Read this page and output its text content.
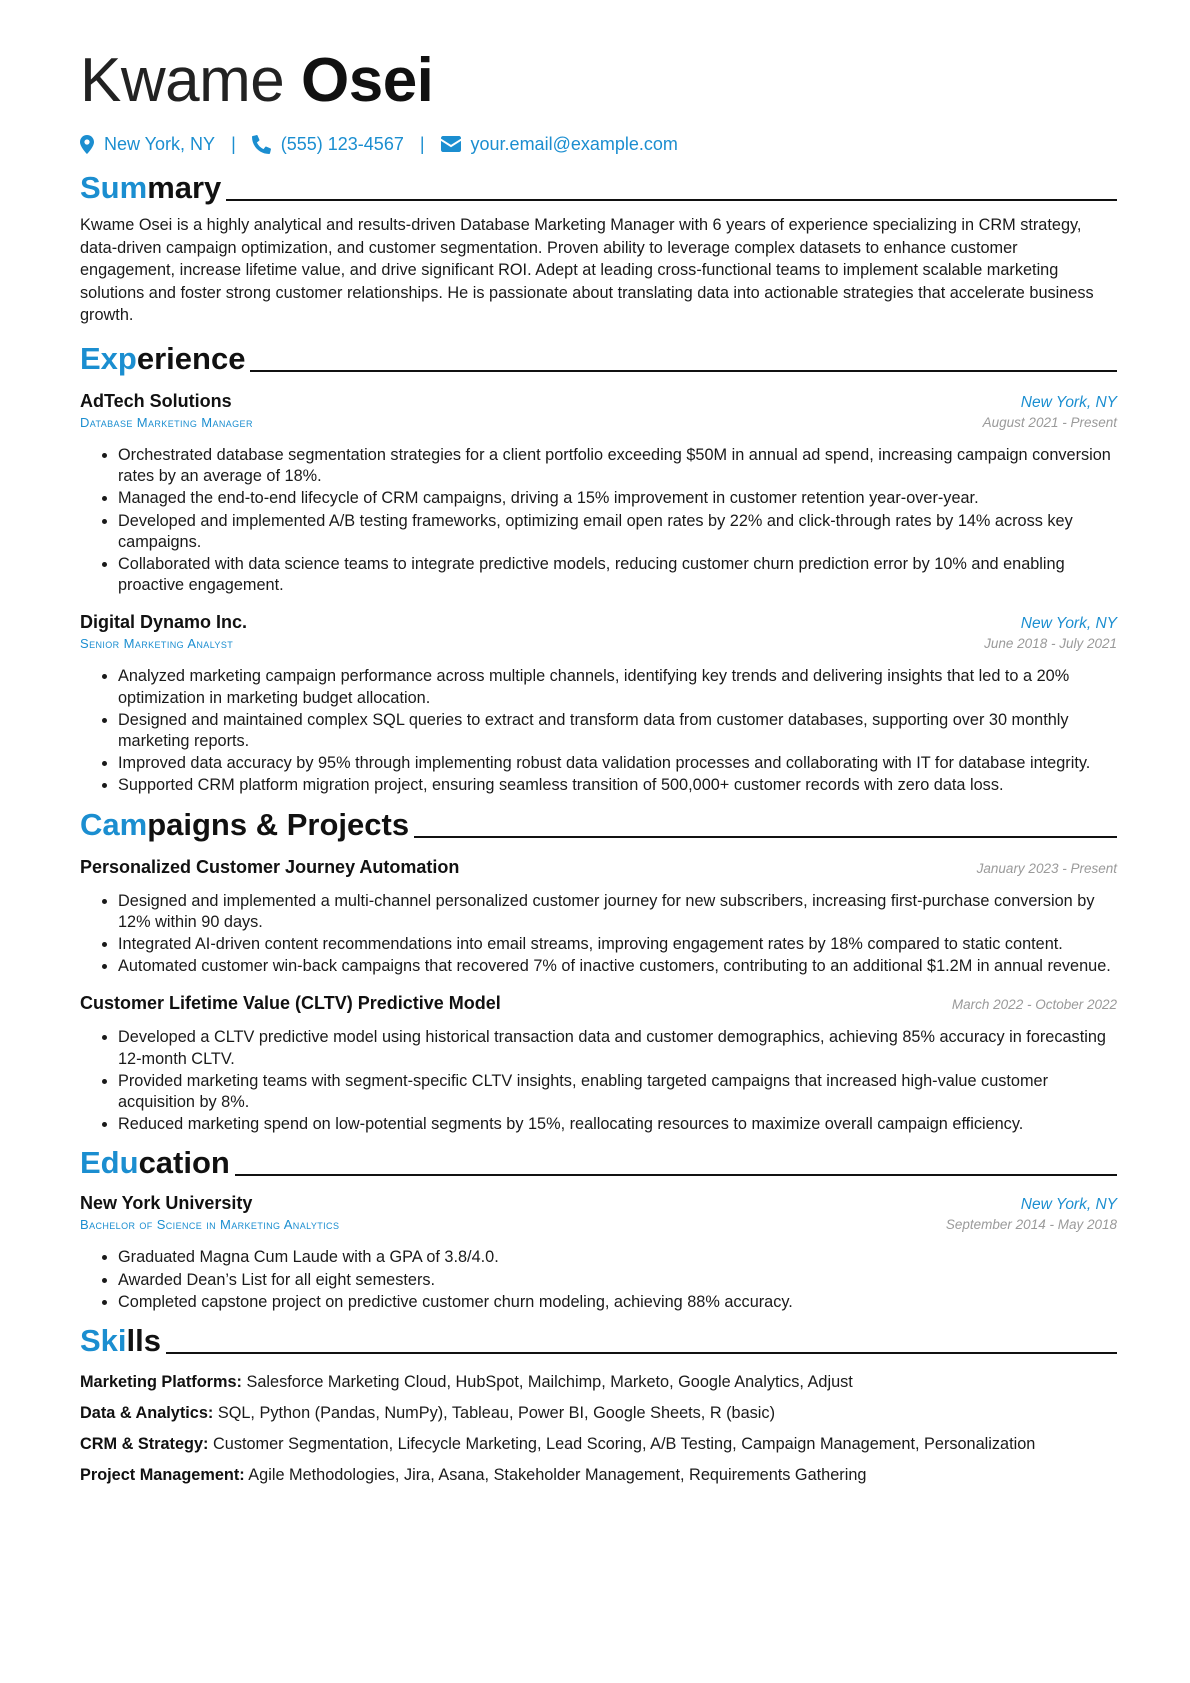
Kwame Osei
New York, NY |	(555) 123-4567 |	your.email@example.com
Summary

Kwame Osei is a highly analytical and results-driven Database Marketing Manager with 6 years of experience specializing in CRM strategy, data-driven campaign optimization, and customer segmentation. Proven ability to leverage complex datasets to enhance customer engagement, increase lifetime value, and drive significant ROI. Adept at leading cross-functional teams to implement scalable marketing solutions and foster strong customer relationships. He is passionate about translating data into actionable strategies that accelerate business growth.

Experience
AdTech Solutions	New York, NY
Database Marketing Manager	August 2021 - Present
• Orchestrated database segmentation strategies for a client portfolio exceeding $50M in annual ad spend, increasing campaign conversion rates by an average of 18%.
• Managed the end-to-end lifecycle of CRM campaigns, driving a 15% improvement in customer retention year-over-year.
• Developed and implemented A/B testing frameworks, optimizing email open rates by 22% and click-through rates by 14% across key campaigns.
• Collaborated with data science teams to integrate predictive models, reducing customer churn prediction error by 10% and enabling proactive engagement.
Digital Dynamo Inc.	New York, NY
Senior Marketing Analyst	June 2018 - July 2021
• Analyzed marketing campaign performance across multiple channels, identifying key trends and delivering insights that led to a 20% optimization in marketing budget allocation.
• Designed and maintained complex SQL queries to extract and transform data from customer databases, supporting over 30 monthly marketing reports.
• Improved data accuracy by 95% through implementing robust data validation processes and collaborating with IT for database integrity.
• Supported CRM platform migration project, ensuring seamless transition of 500,000+ customer records with zero data loss.
Campaigns & Projects
Personalized Customer Journey Automation	January 2023 - Present
• Designed and implemented a multi-channel personalized customer journey for new subscribers, increasing first-purchase conversion by 12% within 90 days.
• Integrated AI-driven content recommendations into email streams, improving engagement rates by 18% compared to static content.
• Automated customer win-back campaigns that recovered 7% of inactive customers, contributing to an additional $1.2M in annual revenue.
Customer Lifetime Value (CLTV) Predictive Model	March 2022 - October 2022
• Developed a CLTV predictive model using historical transaction data and customer demographics, achieving 85% accuracy in forecasting 12-month CLTV.
• Provided marketing teams with segment-specific CLTV insights, enabling targeted campaigns that increased high-value customer acquisition by 8%.
• Reduced marketing spend on low-potential segments by 15%, reallocating resources to maximize overall campaign efficiency.
Education
New York University	New York, NY
Bachelor of Science in Marketing Analytics	September 2014 - May 2018
• Graduated Magna Cum Laude with a GPA of 3.8/4.0.
• Awarded Dean’s List for all eight semesters.
• Completed capstone project on predictive customer churn modeling, achieving 88% accuracy.
Skills
Marketing Platforms: Salesforce Marketing Cloud, HubSpot, Mailchimp, Marketo, Google Analytics, Adjust
Data & Analytics: SQL, Python (Pandas, NumPy), Tableau, Power BI, Google Sheets, R (basic)
CRM & Strategy: Customer Segmentation, Lifecycle Marketing, Lead Scoring, A/B Testing, Campaign Management, Personalization
Project Management: Agile Methodologies, Jira, Asana, Stakeholder Management, Requirements Gathering
